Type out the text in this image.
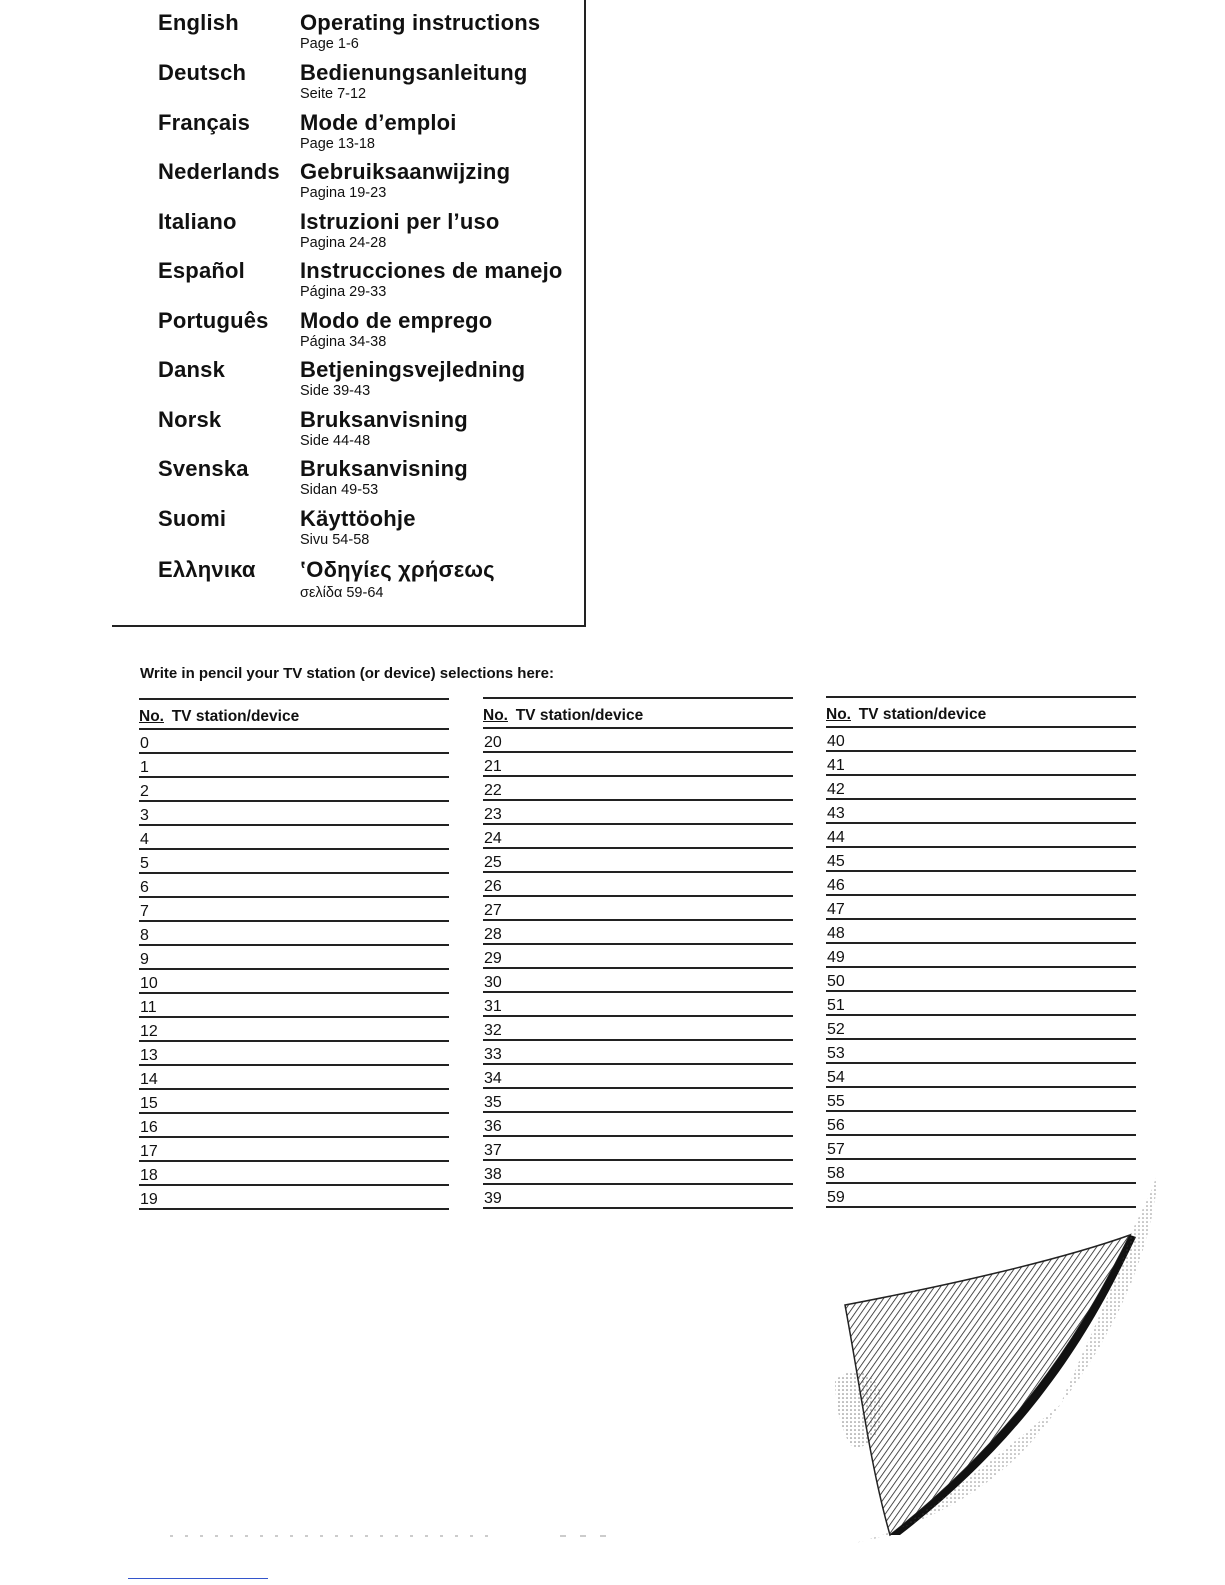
English	Operating instructions
Page 1-6
Deutsch Bedienungsanleitung
Seite 7-12
Français Mode d’emploi
Page 13-18
Nederlands Gebruiksaanwijzing
Pagina 19-23
Italiano	Istruzioni per l’uso
Pagina 24-28
Español	Instrucciones de manejo
Página 29-33
Português Modo de emprego
Página 34-38
Dansk	Betjeningsvejledning
Side 39-43
Norsk	Bruksanvisning
Side 44-48
Svenska Bruksanvisning
Sidan 49-53
Suomi	Käyttöohje
Sivu 54-58
Ελληνικα ʽΟδηγίες χρήσεως
σελίδα 59-64
Write in pencil your TV station (or device) selections here:
No.  TV station/device
0
1
2
3
4
5
6
7
8
9
10
11
12
13
14
15
16
17
18
19
No.  TV station/device
20
21
22
23
24
25
26
27
28
29
30
31
32
33
34
35
36
37
38
39
No.  TV station/device
40
41
42
43
44
45
46
47
48
49
50
51
52
53
54
55
56
57
58
59
